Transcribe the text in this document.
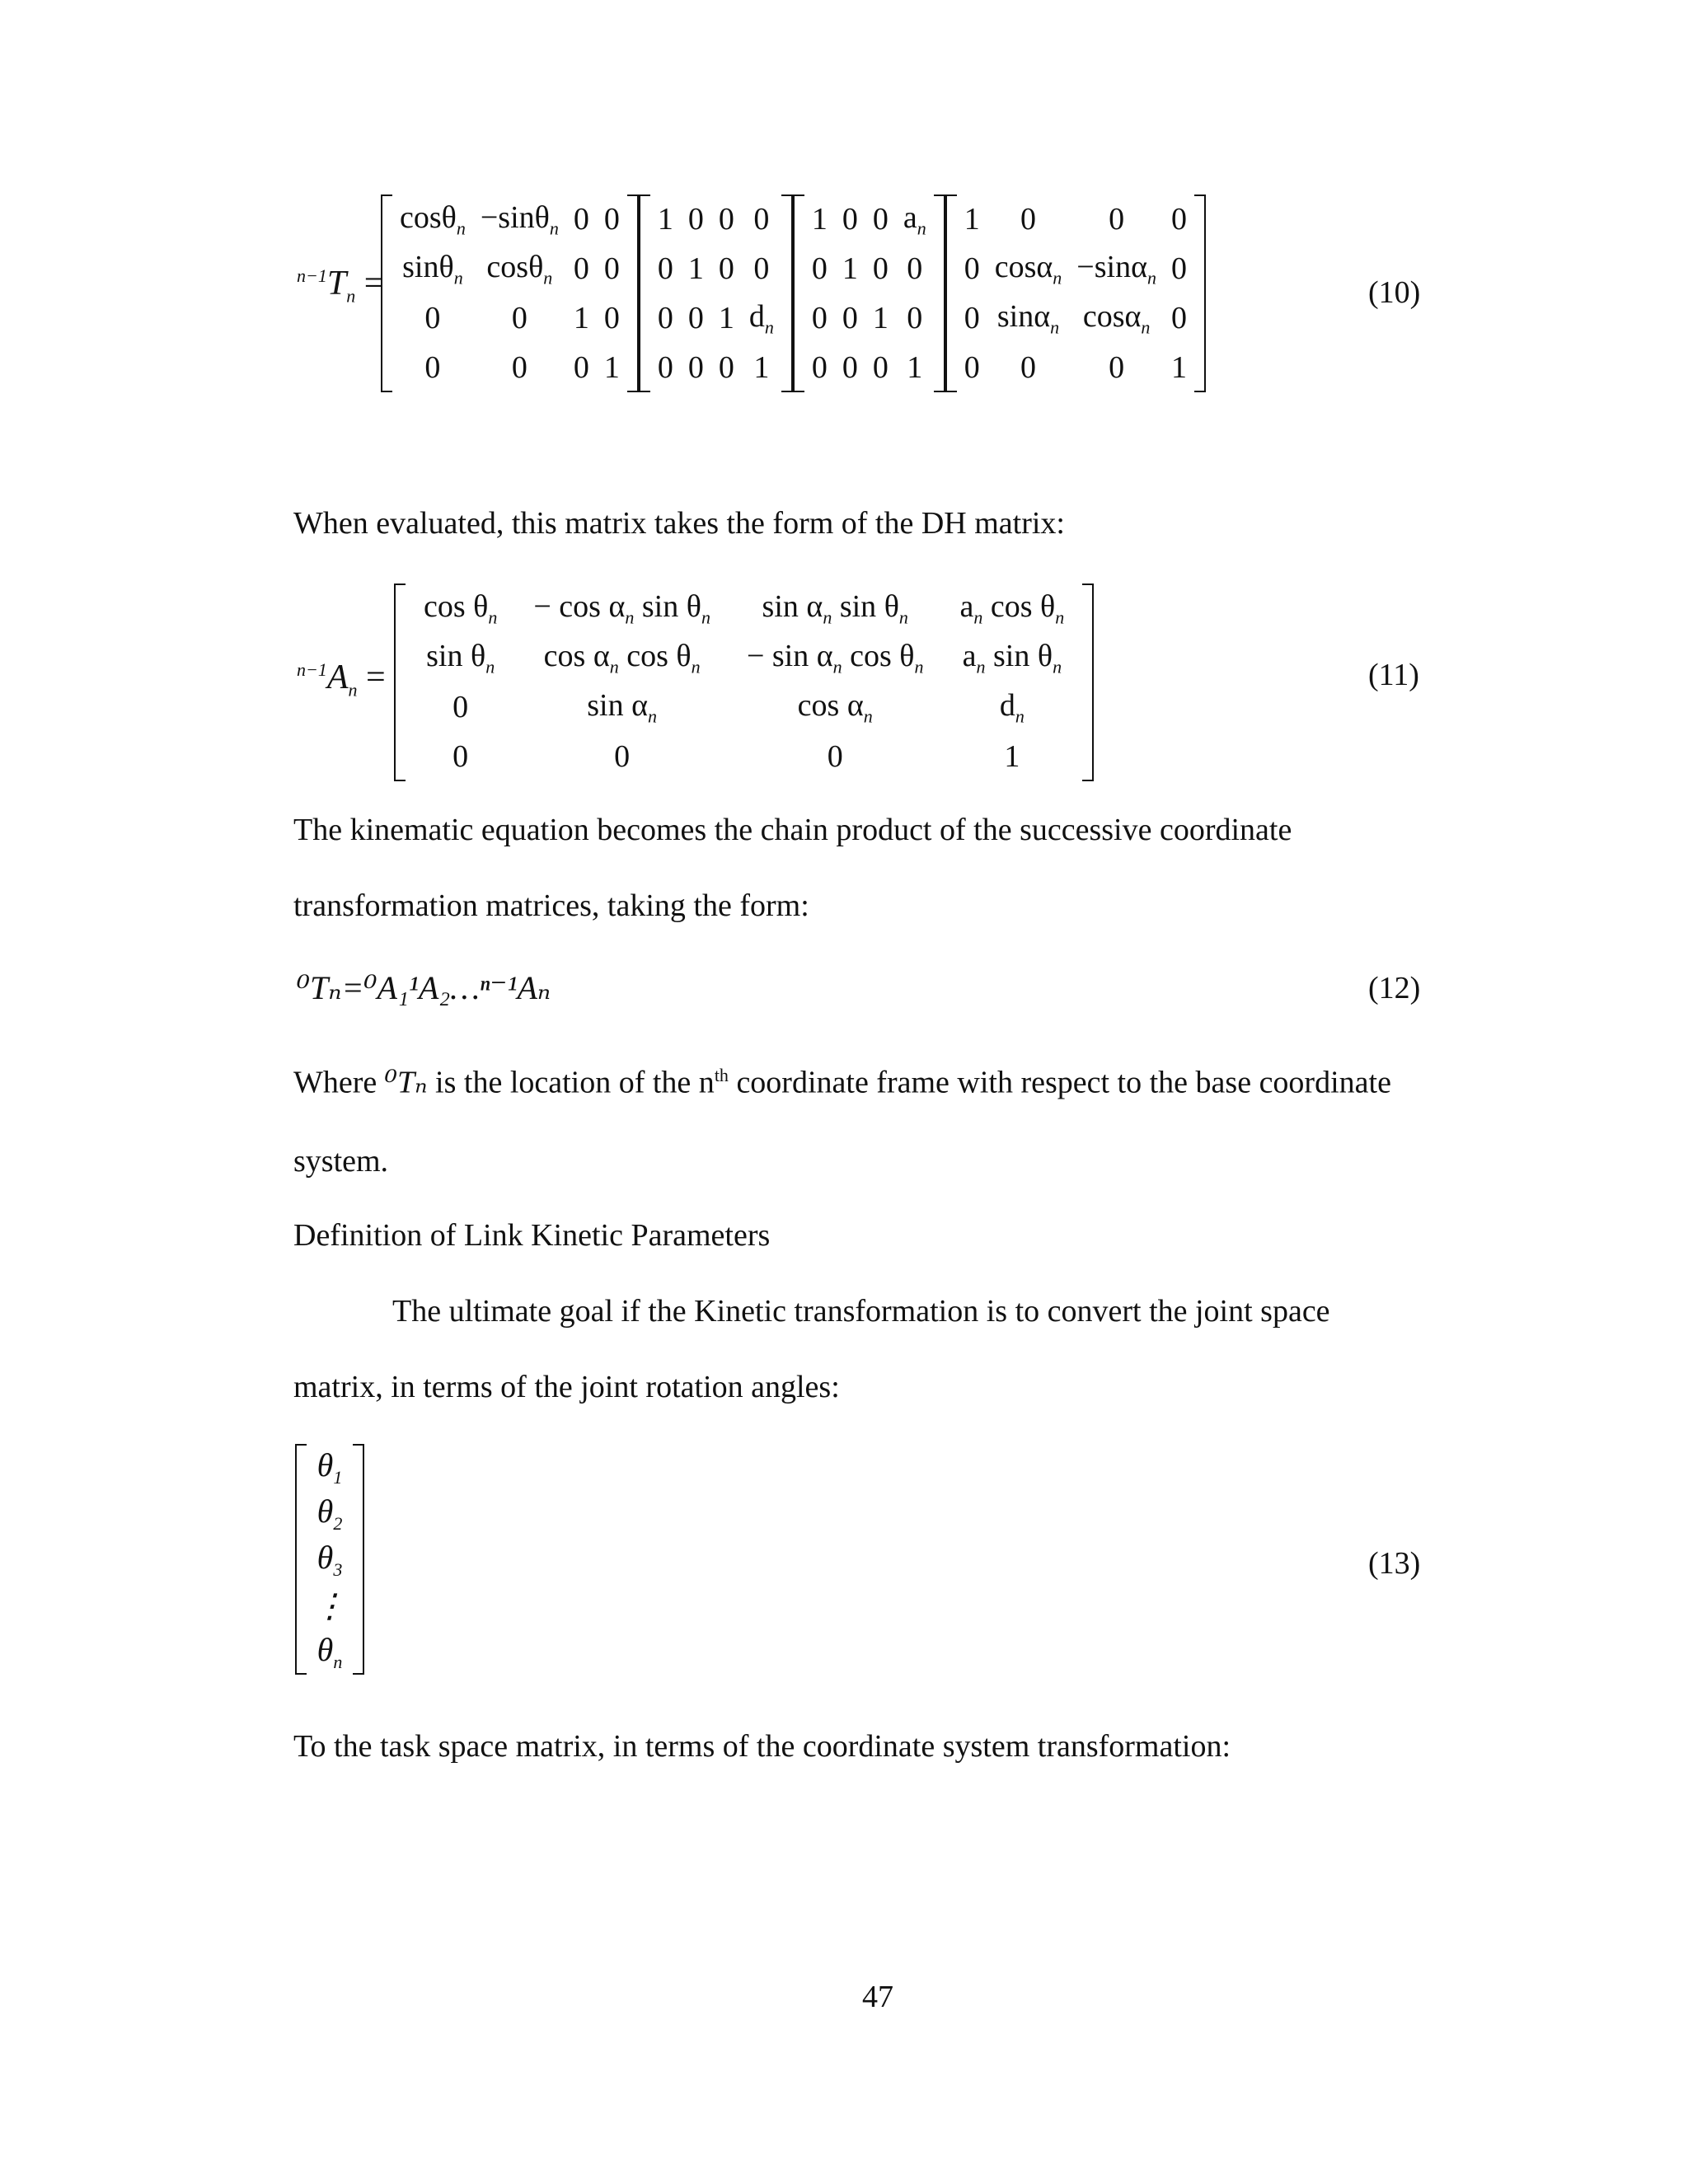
$^{n-1}T_n$ =
cosθ$_n$	−sinθ$_n$	0	0
sinθ$_n$	cosθ$_n$	0	0
0	0	1	0
0	0	0	1
1	0	0	0
0	1	0	0
0	0	1	$d_n$
0	0	0	1
1	0	0	$a_n$
0	1	0	0
0	0	1	0
0	0	0	1
1	0	0	0
0	cosα$_n$	−sinα$_n$	0
0	sinα$_n$	cosα$_n$	0
0	0	0	1
(10)
When evaluated, this matrix takes the form of the DH matrix:
$^{n-1}A_n$ =
$\cos \theta_n$	− $\cos \alpha_n$ $\sin \theta_n$	$\sin \alpha_n$ $\sin \theta_n$	$a_n$ $\cos \theta_n$
$\sin \theta_n$	$\cos \alpha_n$ $\cos \theta_n$	− $\sin \alpha_n$ $\cos \theta_n$	$a_n$ $\sin \theta_n$
0	$\sin \alpha_n$	$\cos \alpha_n$	$d_n$
0	0	0	1
(11)
The kinematic equation becomes the chain product of the successive coordinate
transformation matrices, taking the form:
⁰Tₙ=⁰A₁¹A₂…ⁿ⁻¹Aₙ	(12)
Where ⁰Tₙ is the location of the $n^{th}$ coordinate frame with respect to the base coordinate
system.
Definition of Link Kinetic Parameters
The ultimate goal if the Kinetic transformation is to convert the joint space
matrix, in terms of the joint rotation angles:
$\theta_1$
$\theta_2$
$\theta_3$
⋮
$\theta_n$
(13)
To the task space matrix, in terms of the coordinate system transformation:
47
